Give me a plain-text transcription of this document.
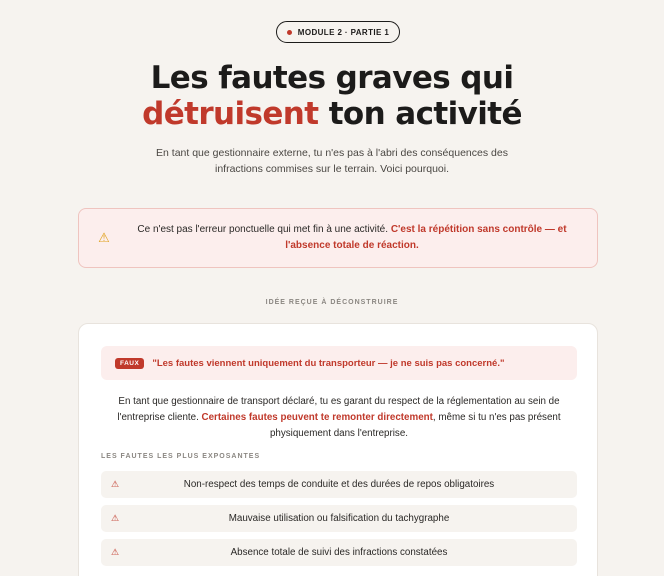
MODULE 2 · PARTIE 1
Les fautes graves qui
détruisent ton activité

En tant que gestionnaire externe, tu n'es pas à l'abri des conséquences des infractions commises sur le terrain. Voici pourquoi.

⚠
Ce n'est pas l'erreur ponctuelle qui met fin à une activité. C'est la répétition sans contrôle — et l'absence totale de réaction.
IDÉE REÇUE À DÉCONSTRUIRE
FAUX	"Les fautes viennent uniquement du transporteur — je ne suis pas concerné."

En tant que gestionnaire de transport déclaré, tu es garant du respect de la réglementation au sein de l'entreprise cliente. Certaines fautes peuvent te remonter directement, même si tu n'es pas présent physiquement dans l'entreprise.

LES FAUTES LES PLUS EXPOSANTES
⚠	Non-respect des temps de conduite et des durées de repos obligatoires
⚠	Mauvaise utilisation ou falsification du tachygraphe
⚠	Absence totale de suivi des infractions constatées
